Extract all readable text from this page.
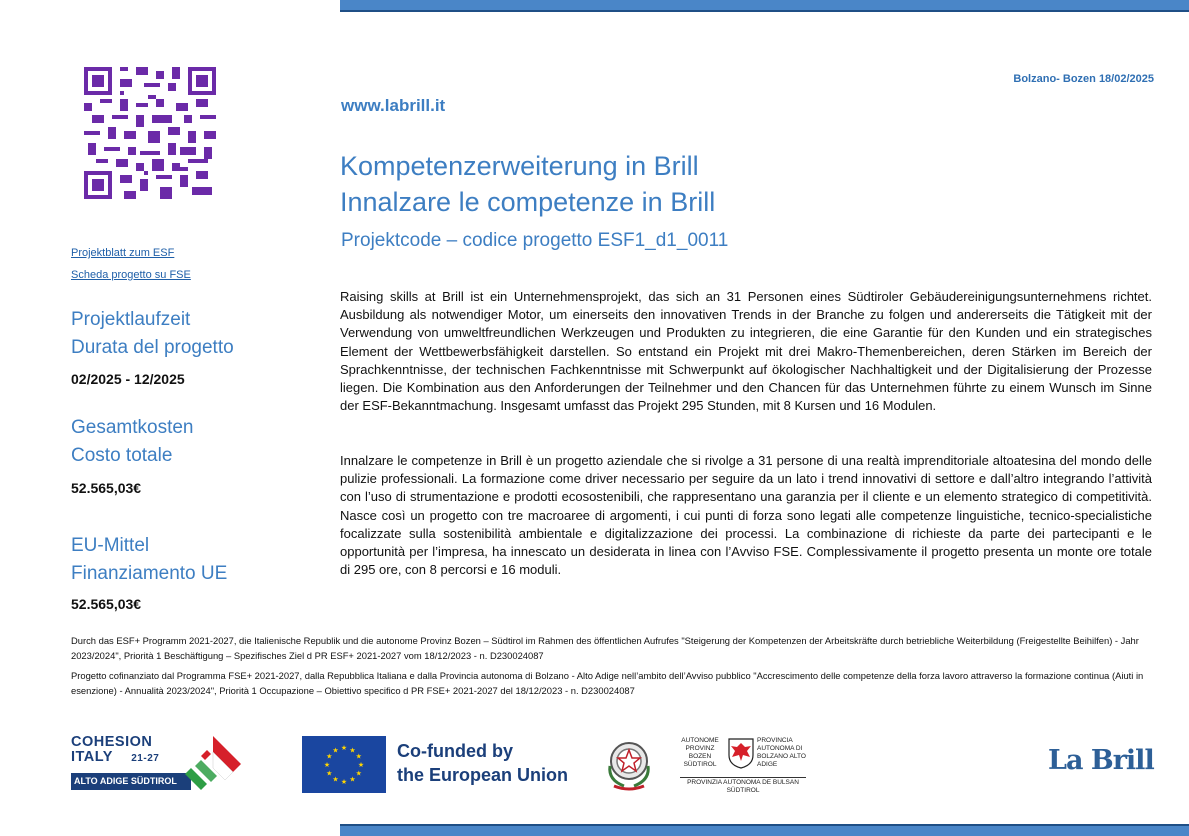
Bolzano- Bozen 18/02/2025
www.labrill.it
Kompetenzerweiterung in Brill
Innalzare le competenze in Brill
Projektcode – codice progetto ESF1_d1_0011
Projektblatt zum ESF
Scheda progetto su FSE
Projektlaufzeit
Durata del progetto
02/2025 - 12/2025
Gesamtkosten
Costo totale
52.565,03€
EU-Mittel
Finanziamento UE
52.565,03€

Raising skills at Brill ist ein Unternehmensprojekt, das sich an 31 Personen eines Südtiroler Gebäudereinigungsunternehmens richtet. Ausbildung als notwendiger Motor, um einerseits den innovativen Trends in der Branche zu folgen und andererseits die Tätigkeit mit der Verwendung von umweltfreundlichen Werkzeugen und Produkten zu integrieren, die eine Garantie für den Kunden und ein strategisches Element der Wettbewerbsfähigkeit darstellen. So entstand ein Projekt mit drei Makro-Themenbereichen, deren Stärken im Bereich der Sprachkenntnisse, der technischen Fachkenntnisse mit Schwerpunkt auf ökologischer Nachhaltigkeit und der Digitalisierung der Prozesse liegen. Die Kombination aus den Anforderungen der Teilnehmer und den Chancen für das Unternehmen führte zu einem Wunsch im Sinne der ESF-Bekanntmachung. Insgesamt umfasst das Projekt 295 Stunden, mit 8 Kursen und 16 Modulen.

Innalzare le competenze in Brill è un progetto aziendale che si rivolge a 31 persone di una realtà imprenditoriale altoatesina del mondo delle pulizie professionali. La formazione come driver necessario per seguire da un lato i trend innovativi di settore e dall’altro integrando l’attività con l’uso di strumentazione e prodotti ecosostenibili, che rappresentano una garanzia per il cliente e un elemento strategico di competitività. Nasce così un progetto con tre macroaree di argomenti, i cui punti di forza sono legati alle competenze linguistiche, tecnico-specialistiche focalizzate sulla sostenibilità ambientale e digitalizzazione dei processi. La combinazione di richieste da parte dei partecipanti e le opportunità per l’impresa, ha innescato un desiderata in linea con l’Avviso FSE. Complessivamente il progetto presenta un monte ore totale di 295 ore, con 8 percorsi e 16 moduli.

Durch das ESF+ Programm 2021-2027, die Italienische Republik und die autonome Provinz Bozen – Südtirol im Rahmen des öffentlichen Aufrufes "Steigerung der Kompetenzen der Arbeitskräfte durch betriebliche Weiterbildung (Freigestellte Beihilfen) - Jahr 2023/2024", Priorità 1 Beschäftigung – Spezifisches Ziel d PR ESF+ 2021-2027 vom 18/12/2023 - n. D230024087

Progetto cofinanziato dal Programma FSE+ 2021-2027, dalla Repubblica Italiana e dalla Provincia autonoma di Bolzano - Alto Adige nell’ambito dell’Avviso pubblico "Accrescimento delle competenze della forza lavoro attraverso la formazione continua (Aiuti in esenzione) - Annualità 2023/2024", Priorità 1 Occupazione – Obiettivo specifico d PR FSE+ 2021-2027 del 18/12/2023 - n. D230024087

COHESION
ITALY 21-27
ALTO ADIGE SÜDTIROL
★
★
★
★
★
★
★
★
★ ★ ★
★ Co-funded by
the European Union
AUTONOME PROVINZ BOZEN SÜDTIROL
PROVINCIA AUTONOMA DI BOLZANO ALTO ADIGE
PROVINZIA AUTONOMA DE BULSAN SÜDTIROL
La Brill
